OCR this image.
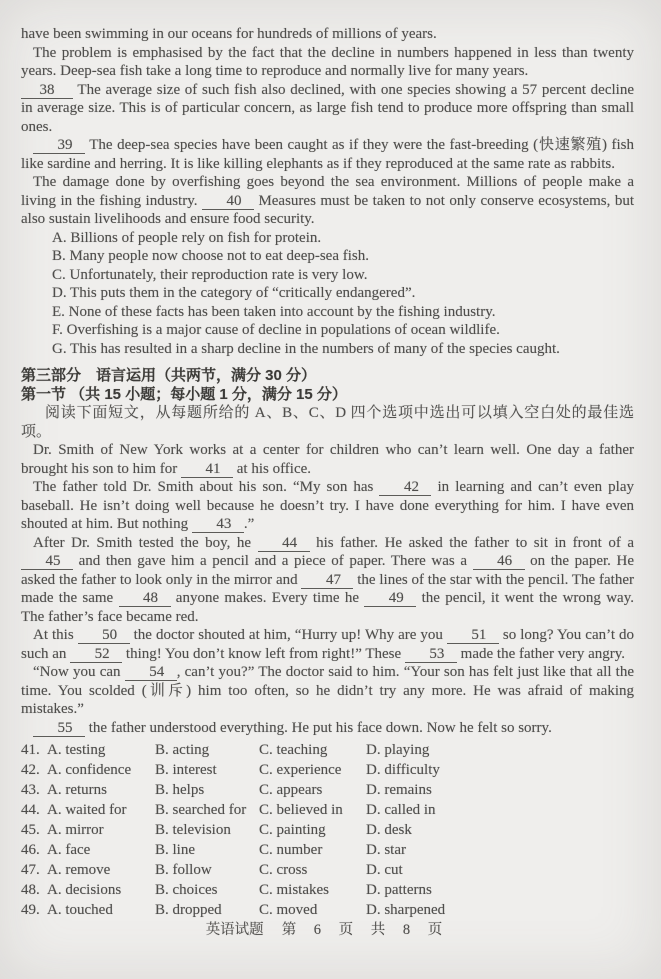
have been swimming in our oceans for hundreds of millions of years.

The problem is emphasised by the fact that the decline in numbers happened in less than twenty years. Deep-sea fish take a long time to reproduce and normally live for many years.

38 The average size of such fish also declined, with one species showing a 57 percent decline in average size. This is of particular concern, as large fish tend to produce more offspring than small ones.

39 The deep-sea species have been caught as if they were the fast-breeding (快速繁殖) fish like sardine and herring. It is like killing elephants as if they reproduced at the same rate as rabbits.

The damage done by overfishing goes beyond the sea environment. Millions of people make a living in the fishing industry. 40 Measures must be taken to not only conserve ecosystems, but also sustain livelihoods and ensure food security.

A. Billions of people rely on fish for protein.

B. Many people now choose not to eat deep-sea fish.

C. Unfortunately, their reproduction rate is very low.

D. This puts them in the category of “critically endangered”.

E. None of these facts has been taken into account by the fishing industry.

F. Overfishing is a major cause of decline in populations of ocean wildlife.

G. This has resulted in a sharp decline in the numbers of many of the species caught.

第三部分　语言运用（共两节，满分 30 分）
第一节 （共 15 小题；每小题 1 分，满分 15 分）

阅读下面短文，从每题所给的 A、B、C、D 四个选项中选出可以填入空白处的最佳选项。

Dr. Smith of New York works at a center for children who can’t learn well. One day a father brought his son to him for 41 at his office.

The father told Dr. Smith about his son. “My son has 42 in learning and can’t even play baseball. He isn’t doing well because he doesn’t try. I have done everything for him. I have even shouted at him. But nothing 43 .”

After Dr. Smith tested the boy, he 44 his father. He asked the father to sit in front of a 45 and then gave him a pencil and a piece of paper. There was a 46 on the paper. He asked the father to look only in the mirror and 47 the lines of the star with the pencil. The father made the same 48 anyone makes. Every time he 49 the pencil, it went the wrong way. The father’s face became red.

At this 50 the doctor shouted at him, “Hurry up! Why are you 51 so long? You can’t do such an 52 thing! You don’t know left from right!” These 53 made the father very angry.

“Now you can 54 , can’t you?” The doctor said to him. “Your son has felt just like that all the time. You scolded (训斥) him too often, so he didn’t try any more. He was afraid of making mistakes.”

55 the father understood everything. He put his face down. Now he felt so sorry.

41. A. testing	B. acting	C. teaching	D. playing
42. A. confidence	B. interest	C. experience	D. difficulty
43. A. returns	B. helps	C. appears	D. remains
44. A. waited for	B. searched for C. believed in	D. called in
45. A. mirror	B. television	C. painting	D. desk
46. A. face	B. line	C. number	D. star
47. A. remove	B. follow	C. cross	D. cut
48. A. decisions	B. choices	C. mistakes	D. patterns
49. A. touched	B. dropped	C. moved	D. sharpened
英语试题 第 6 页 共 8 页
